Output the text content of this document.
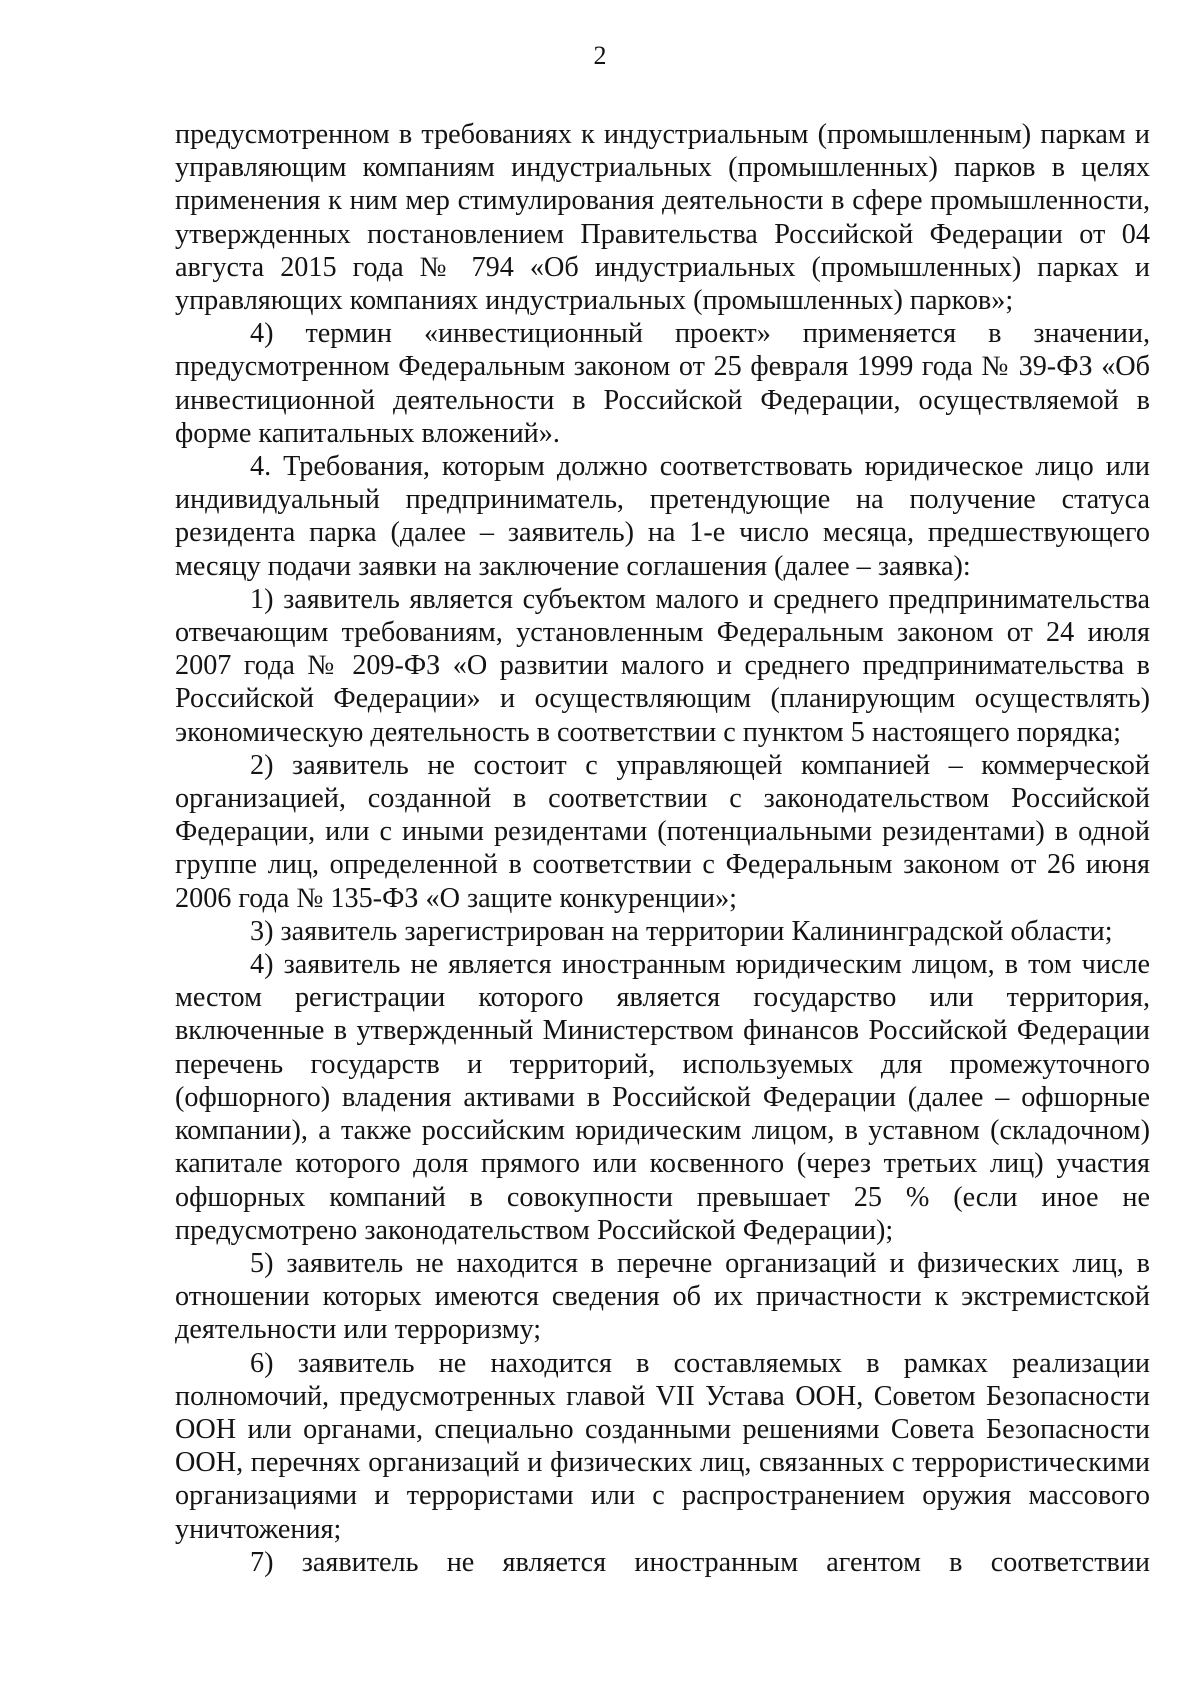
2

предусмотренном в требованиях к индустриальным (промышленным) паркам и управляющим компаниям индустриальных (промышленных) парков в целях применения к ним мер стимулирования деятельности в сфере промышленности, утвержденных постановлением Правительства Российской Федерации от 04 августа 2015 года № 794 «Об индустриальных (промышленных) парках и управляющих компаниях индустриальных (промышленных) парков»;

4) термин «инвестиционный проект» применяется в значении, предусмотренном Федеральным законом от 25 февраля 1999 года № 39-ФЗ «Об инвестиционной деятельности в Российской Федерации, осуществляемой в форме капитальных вложений».

4. Требования, которым должно соответствовать юридическое лицо или индивидуальный предприниматель, претендующие на получение статуса резидента парка (далее – заявитель) на 1-е число месяца, предшествующего месяцу подачи заявки на заключение соглашения (далее – заявка):

1) заявитель является субъектом малого и среднего предпринимательства отвечающим требованиям, установленным Федеральным законом от 24 июля 2007 года № 209-ФЗ «О развитии малого и среднего предпринимательства в Российской Федерации» и осуществляющим (планирующим осуществлять) экономическую деятельность в соответствии с пунктом 5 настоящего порядка;

2) заявитель не состоит с управляющей компанией – коммерческой организацией, созданной в соответствии с законодательством Российской Федерации, или с иными резидентами (потенциальными резидентами) в одной группе лиц, определенной в соответствии с Федеральным законом от 26 июня 2006 года № 135-ФЗ «О защите конкуренции»;

3) заявитель зарегистрирован на территории Калининградской области;

4) заявитель не является иностранным юридическим лицом, в том числе местом регистрации которого является государство или территория, включенные в утвержденный Министерством финансов Российской Федерации перечень государств и территорий, используемых для промежуточного (офшорного) владения активами в Российской Федерации (далее – офшорные компании), а также российским юридическим лицом, в уставном (складочном) капитале которого доля прямого или косвенного (через третьих лиц) участия офшорных компаний в совокупности превышает 25 % (если иное не предусмотрено законодательством Российской Федерации);

5) заявитель не находится в перечне организаций и физических лиц, в отношении которых имеются сведения об их причастности к экстремистской деятельности или терроризму;

6) заявитель не находится в составляемых в рамках реализации полномочий, предусмотренных главой VII Устава ООН, Советом Безопасности ООН или органами, специально созданными решениями Совета Безопасности ООН, перечнях организаций и физических лиц, связанных с террористическими организациями и террористами или с распространением оружия массового уничтожения;

7) заявитель не является иностранным агентом в соответствии
